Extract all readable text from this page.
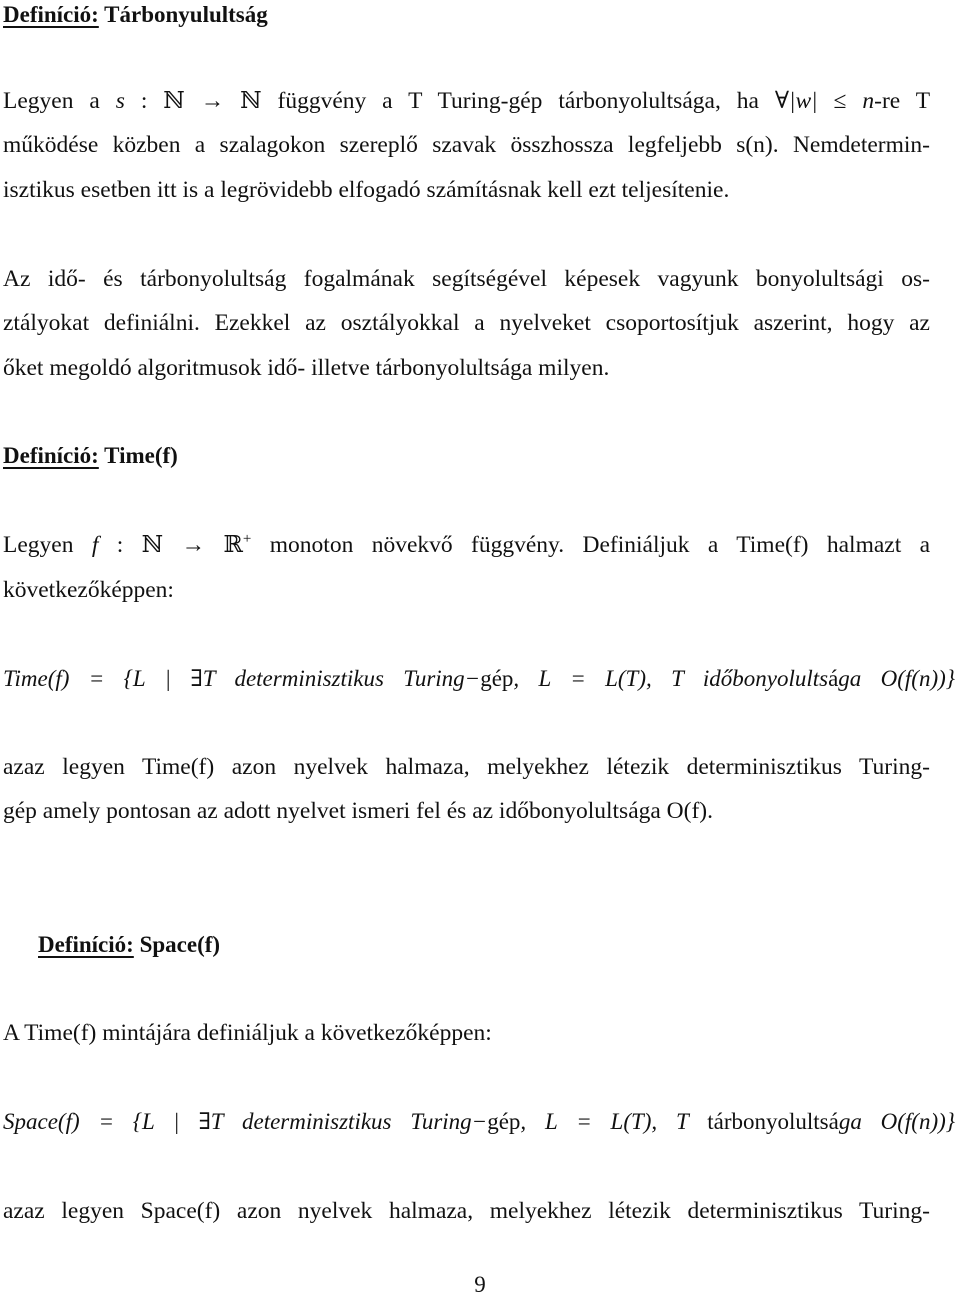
Definíció: Tárbonyulultság
Legyen a s : ℕ → ℕ függvény a T Turing-gép tárbonyolultsága, ha ∀|w| ≤ n-re T
működése közben a szalagokon szereplő szavak összhossza legfeljebb s(n). Nemdetermin-
isztikus esetben itt is a legrövidebb elfogadó számításnak kell ezt teljesítenie.
Az idő- és tárbonyolultság fogalmának segítségével képesek vagyunk bonyolultsági os-
ztályokat definiálni. Ezekkel az osztályokkal a nyelveket csoportosítjuk aszerint, hogy az
őket megoldó algoritmusok idő- illetve tárbonyolultsága milyen.
Definíció: Time(f)
Legyen f : ℕ → ℝ+ monoton növekvő függvény. Definiáljuk a Time(f) halmazt a
következőképpen:
Time(f) = {L | ∃T determinisztikus Turing−gép, L = L(T), T időbonyolultsága O(f(n))}
azaz legyen Time(f) azon nyelvek halmaza, melyekhez létezik determinisztikus Turing-
gép amely pontosan az adott nyelvet ismeri fel és az időbonyolultsága O(f).
Definíció: Space(f)
A Time(f) mintájára definiáljuk a következőképpen:
Space(f) = {L | ∃T determinisztikus Turing−gép, L = L(T), T tárbonyolultsága O(f(n))}
azaz legyen Space(f) azon nyelvek halmaza, melyekhez létezik determinisztikus Turing-
9
